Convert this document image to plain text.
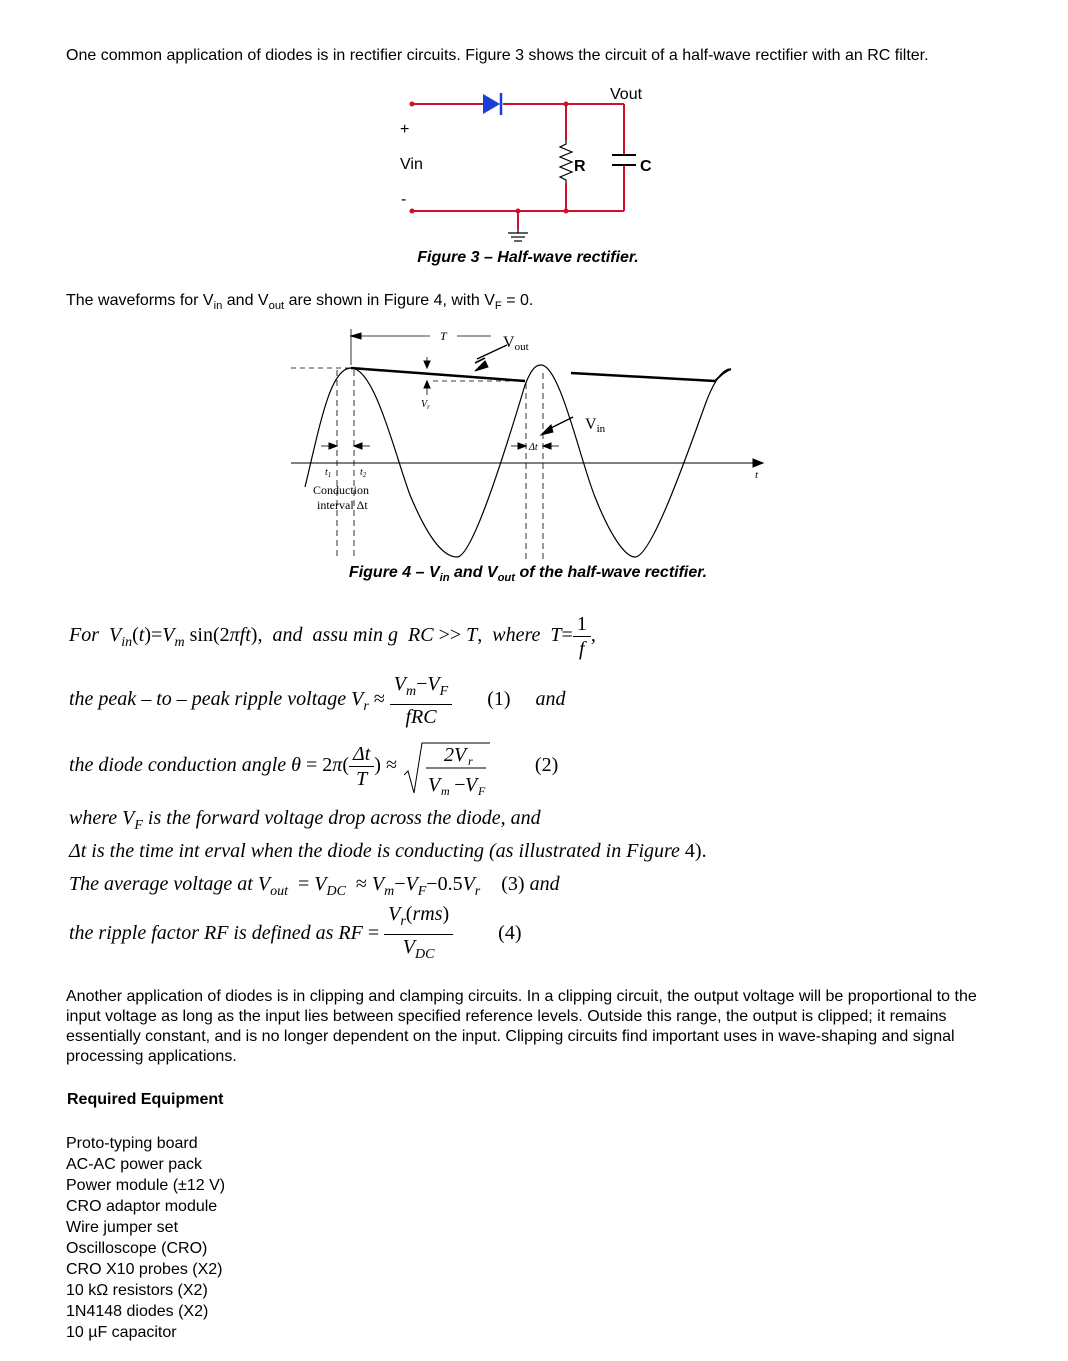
One common application of diodes is in rectifier circuits. Figure 3 shows the circuit of a half-wave rectifier with an RC filter.
Vout
+
Vin
-
R	C
Figure 3 – Half-wave rectifier.
The waveforms for $V_{in}$ and $V_{out}$ are shown in Figure 4, with $V_F = 0$.
T	Vout
Vin
$V_r$
Δt
t
$t_1$	$t_2$
Conduction
interval Δt
Figure $4 - V_{in}$ and $V_{out}$ of the half-wave rectifier.
For  $V_{in}(t)=V_m$ sin(2πft), and assu min g  RC >> T, where  $T= \frac{1}{f}$ ,
the peak – to – peak ripple voltage $V_r \approx \frac{V_m-V_F}{\text{fRC}} (1)$ and
the diode conduction angle $\theta = 2\pi( \frac{\Delta t}{T}$ ) ≈ 2V r
V m −
V F
(2)
where $V_F$ is the forward voltage drop across the diode, and
Δt is the time int erval when the diode is conducting (as illustrated in Figure 4).
The average voltage at $V_{out} = V_{DC} \approx V_m-V_F-0.5V_r$ (3) and
the ripple factor RF is defined as RF = $\frac{V_r(rms)}{V_{DC}} (4)$
Another application of diodes is in clipping and clamping circuits. In a clipping circuit, the output voltage will be proportional to the input voltage as long as the input lies between specified reference levels. Outside this range, the output is clipped; it remains essentially constant, and is no longer dependent on the input. Clipping circuits find important uses in wave-shaping and signal processing applications.
Required Equipment
Proto-typing board
AC-AC power pack
Power module (±12 V)
CRO adaptor module
Wire jumper set
Oscilloscope (CRO)
CRO X10 probes (X2)
10 kΩ resistors (X2)
1N4148 diodes (X2)
10 µF capacitor
